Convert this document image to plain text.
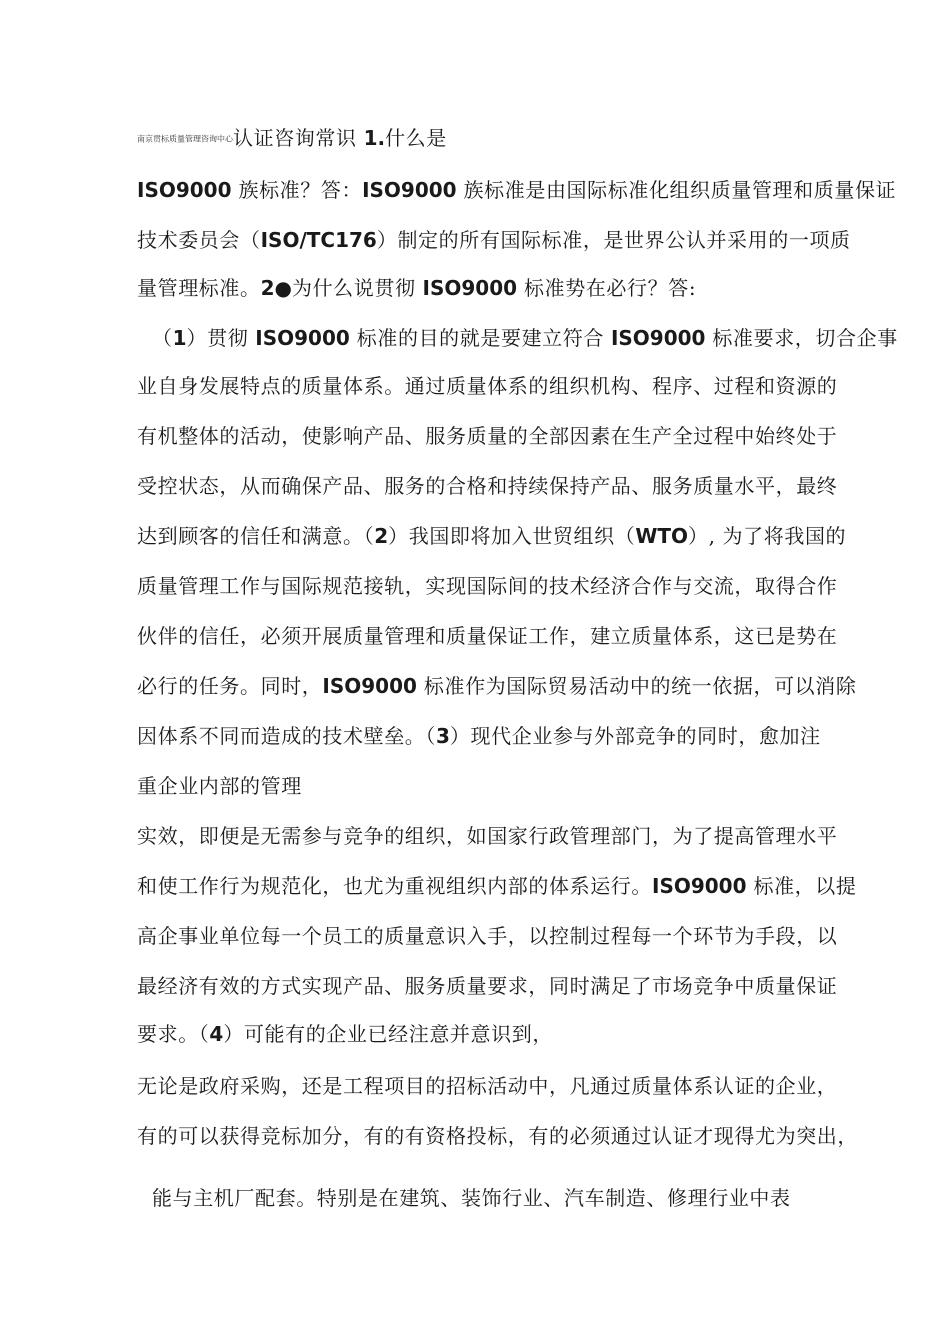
南京贯标质量管理咨询中心认证咨询常识 1.什么是
ISO9000 族标准？答：ISO9000 族标准是由国际标准化组织质量管理和质量保证
技术委员会（ISO/TC176）制定的所有国际标准，是世界公认并采用的一项质
量管理标准。2●为什么说贯彻 ISO9000 标准势在必行？答:
（1）贯彻 ISO9000 标准的目的就是要建立符合 ISO9000 标准要求，切合企事
业自身发展特点的质量体系。通过质量体系的组织机构、程序、过程和资源的
有机整体的活动，使影响产品、服务质量的全部因素在生产全过程中始终处于
受控状态，从而确保产品、服务的合格和持续保持产品、服务质量水平，最终
达到顾客的信任和满意。（2）我国即将加入世贸组织（WTO）, 为了将我国的
质量管理工作与国际规范接轨，实现国际间的技术经济合作与交流，取得合作
伙伴的信任，必须开展质量管理和质量保证工作，建立质量体系，这已是势在
必行的任务。同时，ISO9000 标准作为国际贸易活动中的统一依据，可以消除
因体系不同而造成的技术壁垒。（3）现代企业参与外部竞争的同时，愈加注
重企业内部的管理
实效，即便是无需参与竞争的组织，如国家行政管理部门，为了提高管理水平
和使工作行为规范化，也尤为重视组织内部的体系运行。ISO9000 标准，以提
高企事业单位每一个员工的质量意识入手，以控制过程每一个环节为手段，以
最经济有效的方式实现产品、服务质量要求，同时满足了市场竞争中质量保证
要求。（4）可能有的企业已经注意并意识到，
无论是政府采购，还是工程项目的招标活动中，凡通过质量体系认证的企业，
有的可以获得竞标加分，有的有资格投标，有的必须通过认证才现得尤为突出，
能与主机厂配套。特别是在建筑、装饰行业、汽车制造、修理行业中表
